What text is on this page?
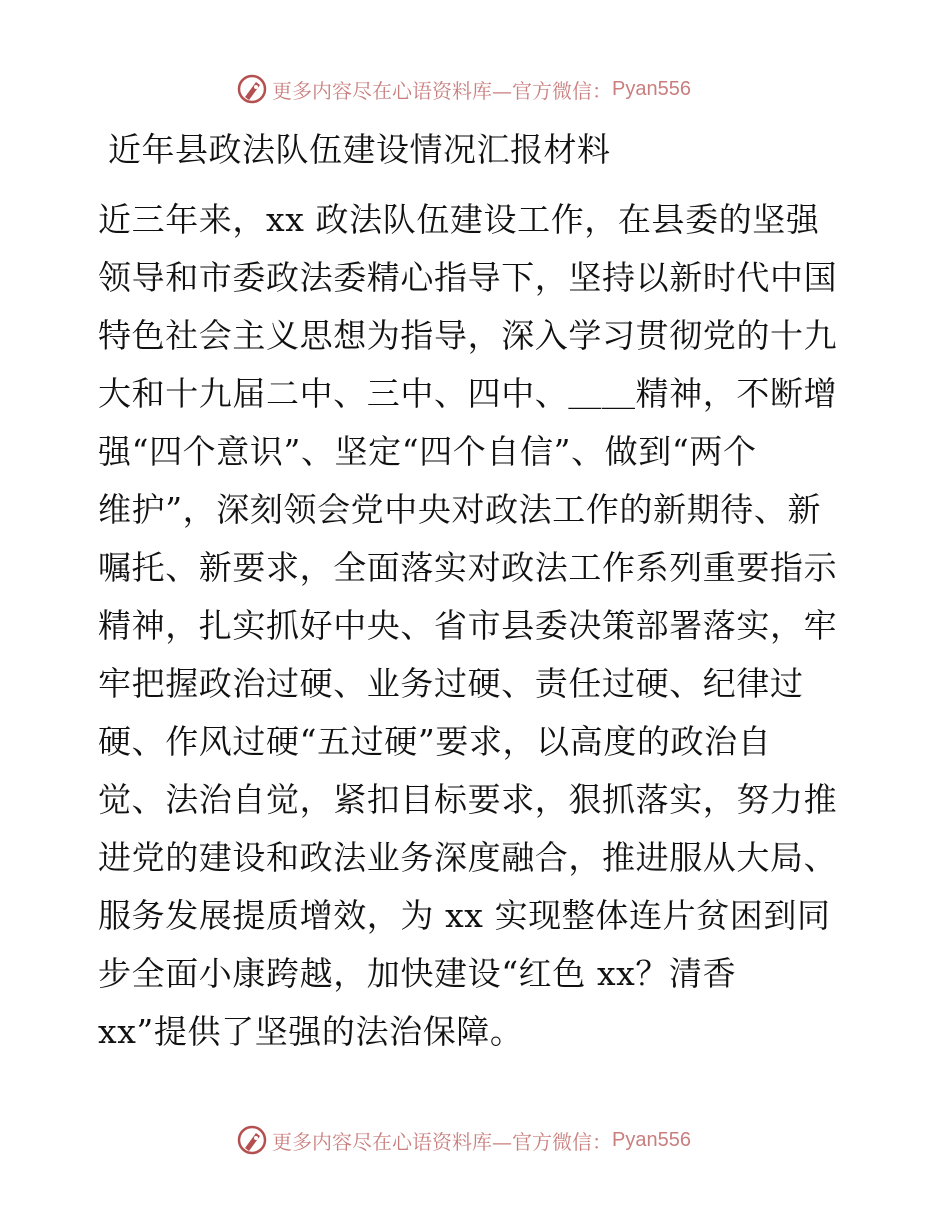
更多内容尽在心语资料库—官方微信： Pyan556
近年县政法队伍建设情况汇报材料

近三年来，xx 政法队伍建设工作，在县委的坚强

领导和市委政法委精心指导下，坚持以新时代中国

特色社会主义思想为指导，深入学习贯彻党的十九

大和十九届二中、三中、四中、＿＿精神，不断增

强“四个意识”、坚定“四个自信”、做到“两个

维护”，深刻领会党中央对政法工作的新期待、新

嘱托、新要求，全面落实对政法工作系列重要指示

精神，扎实抓好中央、省市县委决策部署落实，牢

牢把握政治过硬、业务过硬、责任过硬、纪律过

硬、作风过硬“五过硬”要求，以高度的政治自

觉、法治自觉，紧扣目标要求，狠抓落实，努力推

进党的建设和政法业务深度融合，推进服从大局、

服务发展提质增效，为 xx 实现整体连片贫困到同

步全面小康跨越，加快建设“红色 xx？清香

xx”提供了坚强的法治保障。

更多内容尽在心语资料库—官方微信： Pyan556
